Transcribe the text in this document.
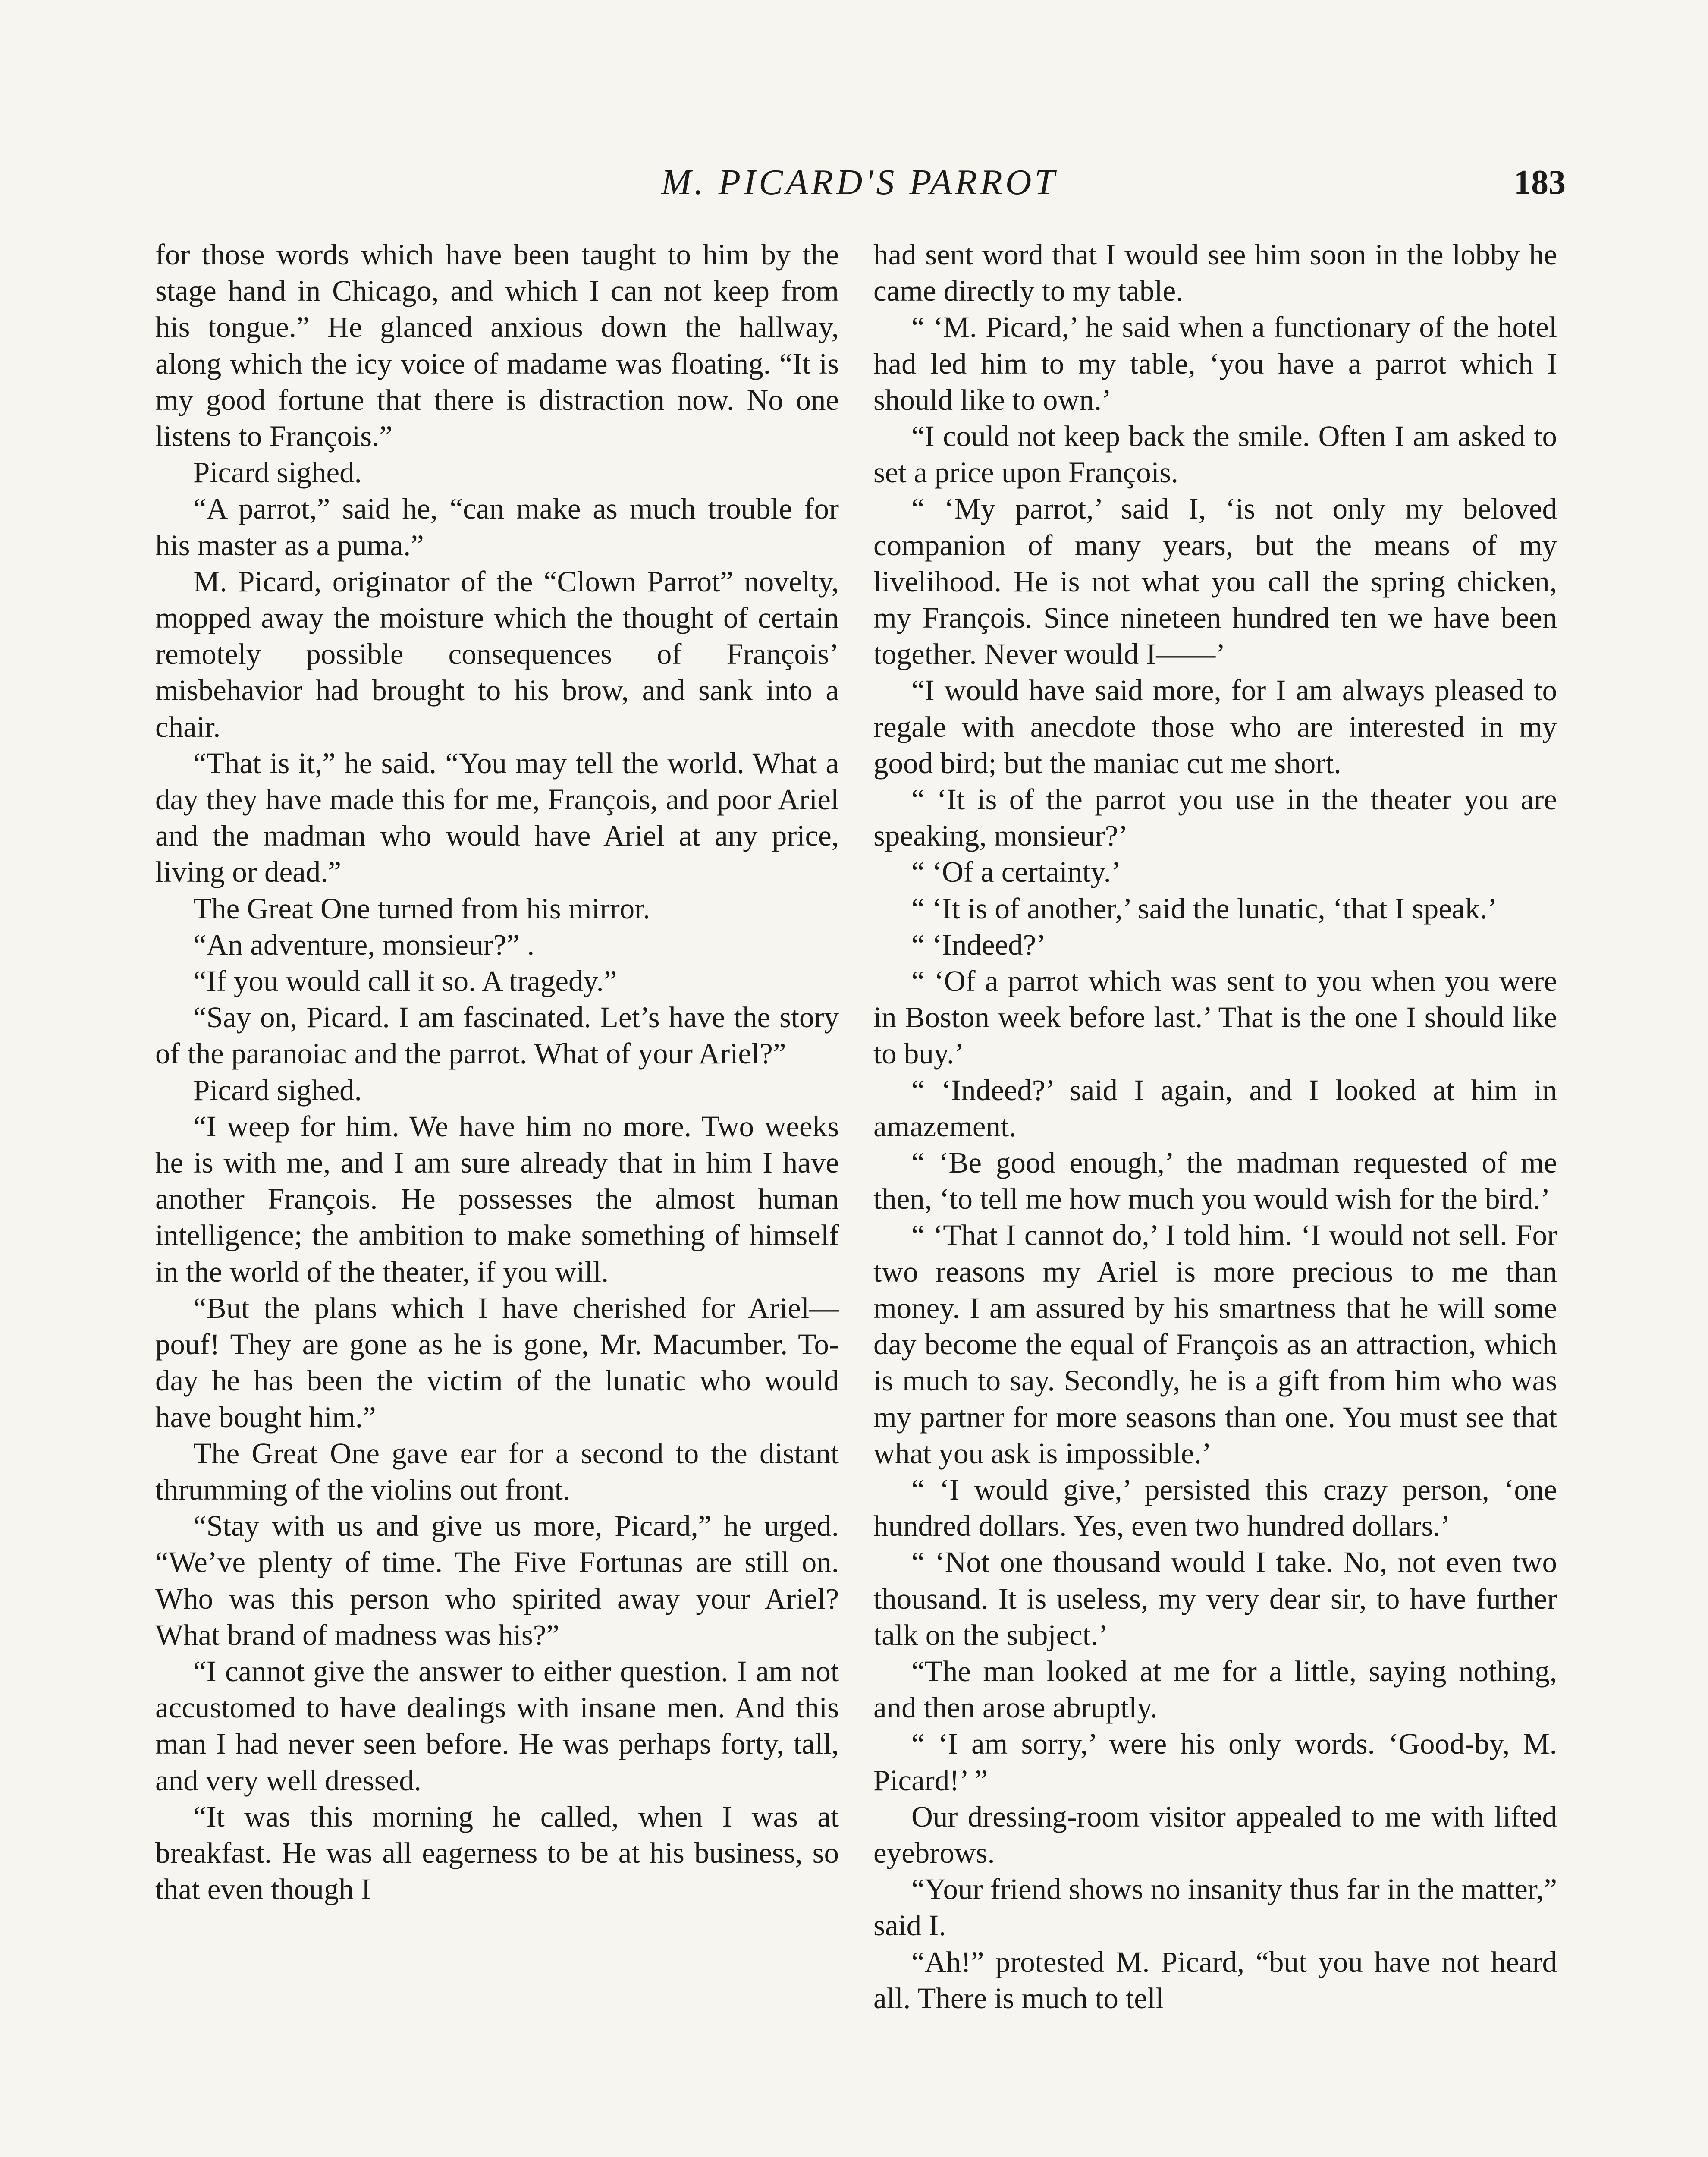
M. PICARD'S PARROT	183

for those words which have been taught to him by the stage hand in Chicago, and which I can not keep from his tongue.” He glanced anxious down the hallway, along which the icy voice of madame was floating. “It is my good fortune that there is distraction now. No one listens to François.”

Picard sighed.

“A parrot,” said he, “can make as much trouble for his master as a puma.”

M. Picard, originator of the “Clown Parrot” novelty, mopped away the moisture which the thought of certain remotely possible consequences of François’ misbehavior had brought to his brow, and sank into a chair.

“That is it,” he said. “You may tell the world. What a day they have made this for me, François, and poor Ariel and the madman who would have Ariel at any price, living or dead.”

The Great One turned from his mirror.

“An adventure, monsieur?” .

“If you would call it so. A tragedy.”

“Say on, Picard. I am fascinated. Let’s have the story of the paranoiac and the parrot. What of your Ariel?”

Picard sighed.

“I weep for him. We have him no more. Two weeks he is with me, and I am sure already that in him I have another François. He possesses the almost human intelligence; the ambition to make something of himself in the world of the theater, if you will.

“But the plans which I have cherished for Ariel—pouf! They are gone as he is gone, Mr. Macumber. To-day he has been the victim of the lunatic who would have bought him.”

The Great One gave ear for a second to the distant thrumming of the violins out front.

“Stay with us and give us more, Picard,” he urged. “We’ve plenty of time. The Five Fortunas are still on. Who was this person who spirited away your Ariel? What brand of madness was his?”

“I cannot give the answer to either question. I am not accustomed to have dealings with insane men. And this man I had never seen before. He was perhaps forty, tall, and very well dressed.

“It was this morning he called, when I was at breakfast. He was all eagerness to be at his business, so that even though I

had sent word that I would see him soon in the lobby he came directly to my table.

“ ‘M. Picard,’ he said when a functionary of the hotel had led him to my table, ‘you have a parrot which I should like to own.’

“I could not keep back the smile. Often I am asked to set a price upon François.

“ ‘My parrot,’ said I, ‘is not only my beloved companion of many years, but the means of my livelihood. He is not what you call the spring chicken, my François. Since nineteen hundred ten we have been together. Never would I——’

“I would have said more, for I am always pleased to regale with anecdote those who are interested in my good bird; but the maniac cut me short.

“ ‘It is of the parrot you use in the theater you are speaking, monsieur?’

“ ‘Of a certainty.’

“ ‘It is of another,’ said the lunatic, ‘that I speak.’

“ ‘Indeed?’

“ ‘Of a parrot which was sent to you when you were in Boston week before last.’ That is the one I should like to buy.’

“ ‘Indeed?’ said I again, and I looked at him in amazement.

“ ‘Be good enough,’ the madman requested of me then, ‘to tell me how much you would wish for the bird.’

“ ‘That I cannot do,’ I told him. ‘I would not sell. For two reasons my Ariel is more precious to me than money. I am assured by his smartness that he will some day become the equal of François as an attraction, which is much to say. Secondly, he is a gift from him who was my partner for more seasons than one. You must see that what you ask is impossible.’

“ ‘I would give,’ persisted this crazy person, ‘one hundred dollars. Yes, even two hundred dollars.’

“ ‘Not one thousand would I take. No, not even two thousand. It is useless, my very dear sir, to have further talk on the subject.’

“The man looked at me for a little, saying nothing, and then arose abruptly.

“ ‘I am sorry,’ were his only words. ‘Good-by, M. Picard!’ ”

Our dressing-room visitor appealed to me with lifted eyebrows.

“Your friend shows no insanity thus far in the matter,” said I.

“Ah!” protested M. Picard, “but you have not heard all. There is much to tell
